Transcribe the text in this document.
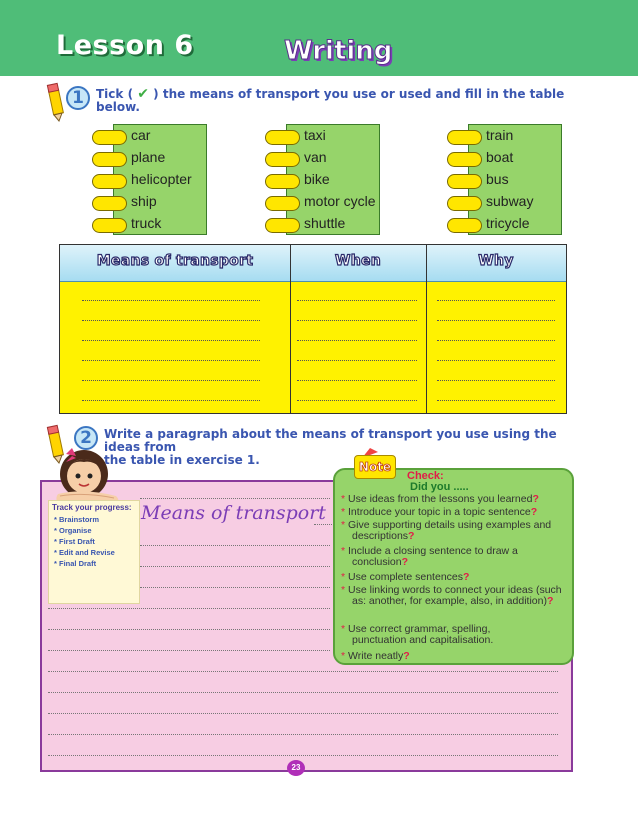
Lesson 6	Writing
1	Tick ( ✔ ) the means of transport you use or used and fill in the table
below.
car
plane
helicopter
ship
truck
taxi
van
bike
motor cycle
shuttle
train
boat
bus
subway
tricycle
Means of transport	When	Why
2	Write a paragraph about the means of transport you use using the ideas from
the table in exercise 1.
Means of transport
Track your progress:
* Brainstorm
* Organise
* First Draft
* Edit and Revise
* Final Draft
Note
Check:
Did you .....
* Use ideas from the lessons you learned?
* Introduce your topic in a topic sentence?
* Give supporting details using examples and descriptions?
* Include a closing sentence to draw a conclusion?
* Use complete sentences?
* Use linking words to connect your ideas (such as: another, for example, also, in addition)?
* Use correct grammar, spelling, punctuation and capitalisation.
* Write neatly?
23
